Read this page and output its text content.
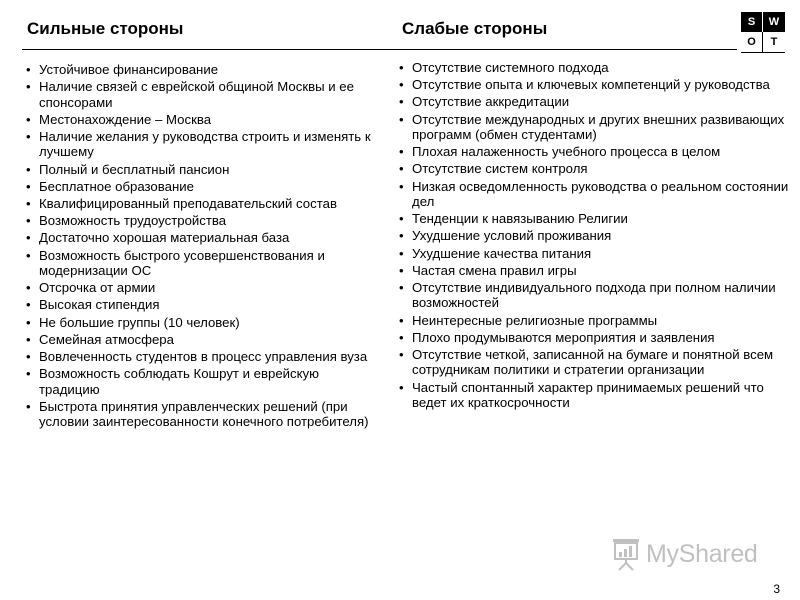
Сильные стороны	Слабые стороны	S	W
O	T
• Устойчивое финансирование
• Наличие связей с еврейской общиной Москвы и ее спонсорами
• Местонахождение – Москва
• Наличие желания у руководства строить и изменять к лучшему
• Полный и бесплатный пансион
• Бесплатное образование
• Квалифицированный преподавательский состав
• Возможность трудоустройства
• Достаточно хорошая материальная база
• Возможность быстрого усовершенствования и модернизации ОС
• Отсрочка от армии
• Высокая стипендия
• Не большие группы (10 человек)
• Семейная атмосфера
• Вовлеченность студентов в процесс управления вуза
• Возможность соблюдать Кошрут и еврейскую традицию
• Быстрота принятия управленческих решений (при условии заинтересованности конечного потребителя)
• Отсутствие системного подхода
• Отсутствие опыта и ключевых компетенций у руководства
• Отсутствие аккредитации
• Отсутствие международных и других внешних развивающих программ (обмен студентами)
• Плохая налаженность учебного процесса в целом
• Отсутствие систем контроля
• Низкая осведомленность руководства о реальном состоянии дел
• Тенденции к навязыванию Религии
• Ухудшение условий проживания
• Ухудшение качества питания
• Частая смена правил игры
• Отсутствие индивидуального подхода при полном наличии возможностей
• Неинтересные религиозные программы
• Плохо продумываются мероприятия и заявления
• Отсутствие четкой, записанной на бумаге и понятной всем сотрудникам политики и стратегии организации
• Частый спонтанный характер принимаемых решений что ведет их краткосрочности
MyShared
3
